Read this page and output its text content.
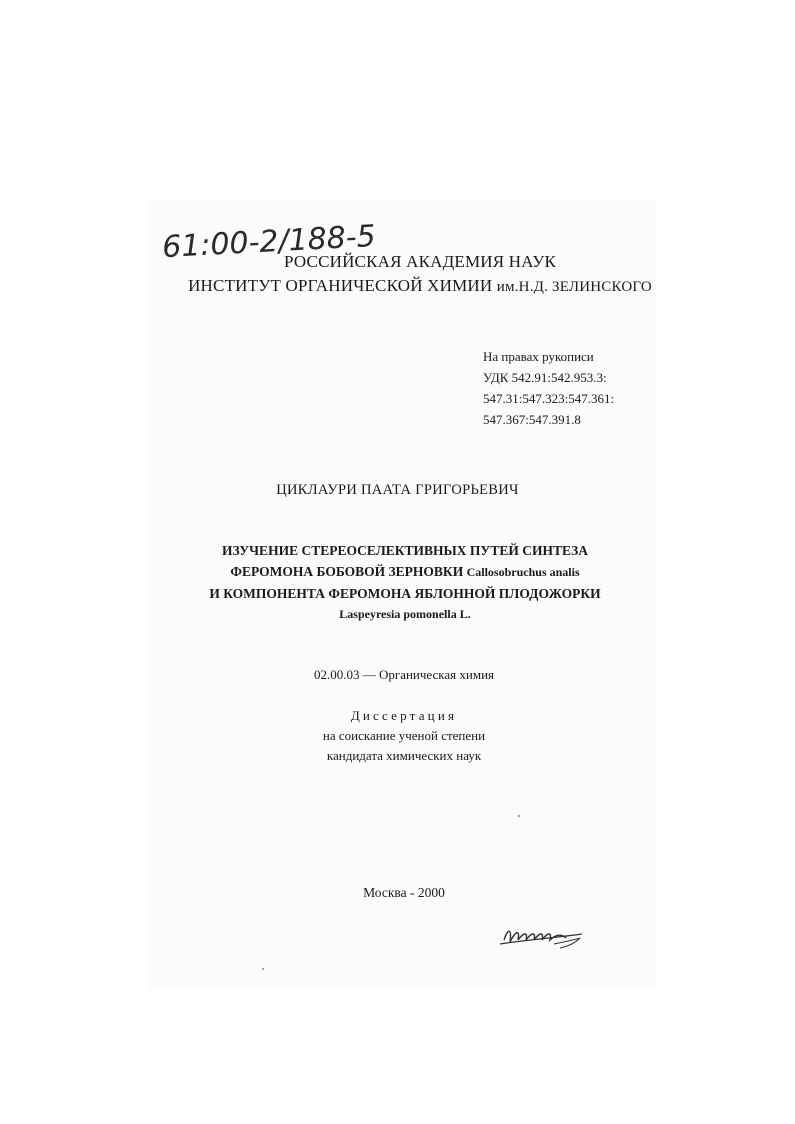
61:00-2/188-5
РОССИЙСКАЯ АКАДЕМИЯ НАУК
ИНСТИТУТ ОРГАНИЧЕСКОЙ ХИМИИ им.Н.Д. ЗЕЛИНСКОГО
На правах рукописи
УДК 542.91:542.953.3:
547.31:547.323:547.361:
547.367:547.391.8
ЦИКЛАУРИ ПААТА ГРИГОРЬЕВИЧ
ИЗУЧЕНИЕ СТЕРЕОСЕЛЕКТИВНЫХ ПУТЕЙ СИНТЕЗА
ФЕРОМОНА БОБОВОЙ ЗЕРНОВКИ Callosobruchus analis
И КОМПОНЕНТА ФЕРОМОНА ЯБЛОННОЙ ПЛОДОЖОРКИ
Laspeyresia pomonella L.
02.00.03 — Органическая химия
Диссертация
на соискание ученой степени
кандидата химических наук
Москва - 2000
